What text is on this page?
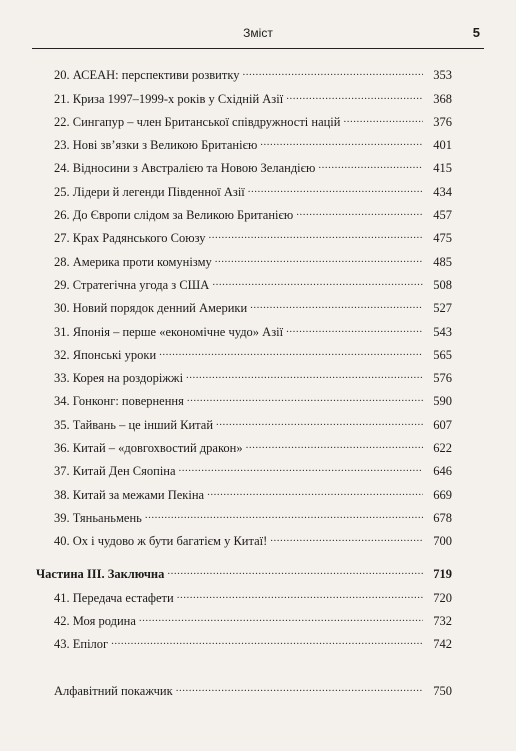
Зміст	5
20. АСЕАН: перспективи розвитку .....	353
21. Криза 1997–1999-х років у Східній Азії .....	368
22. Сингапур – член Британської співдружності націй .....	376
23. Нові зв’язки з Великою Британією .....	401
24. Відносини з Австралією та Новою Зеландією .....	415
25. Лідери й легенди Південної Азії .....	434
26. До Європи слідом за Великою Британією .....	457
27. Крах Радянського Союзу .....	475
28. Америка проти комунізму .....	485
29. Стратегічна угода з США .....	508
30. Новий порядок денний Америки .....	527
31. Японія – перше «економічне чудо» Азії .....	543
32. Японські уроки .....	565
33. Корея на роздоріжжі .....	576
34. Гонконг: повернення .....	590
35. Тайвань – це інший Китай .....	607
36. Китай – «довгохвостий дракон» .....	622
37. Китай Ден Сяопіна .....	646
38. Китай за межами Пекіна .....	669
39. Тяньаньмень .....	678
40. Ох і чудово ж бути багатієм у Китаї! .....	700
Частина III. Заключна .....	719
41. Передача естафети .....	720
42. Моя родина .....	732
43. Епілог .....	742
Алфавітний покажчик .....	750
